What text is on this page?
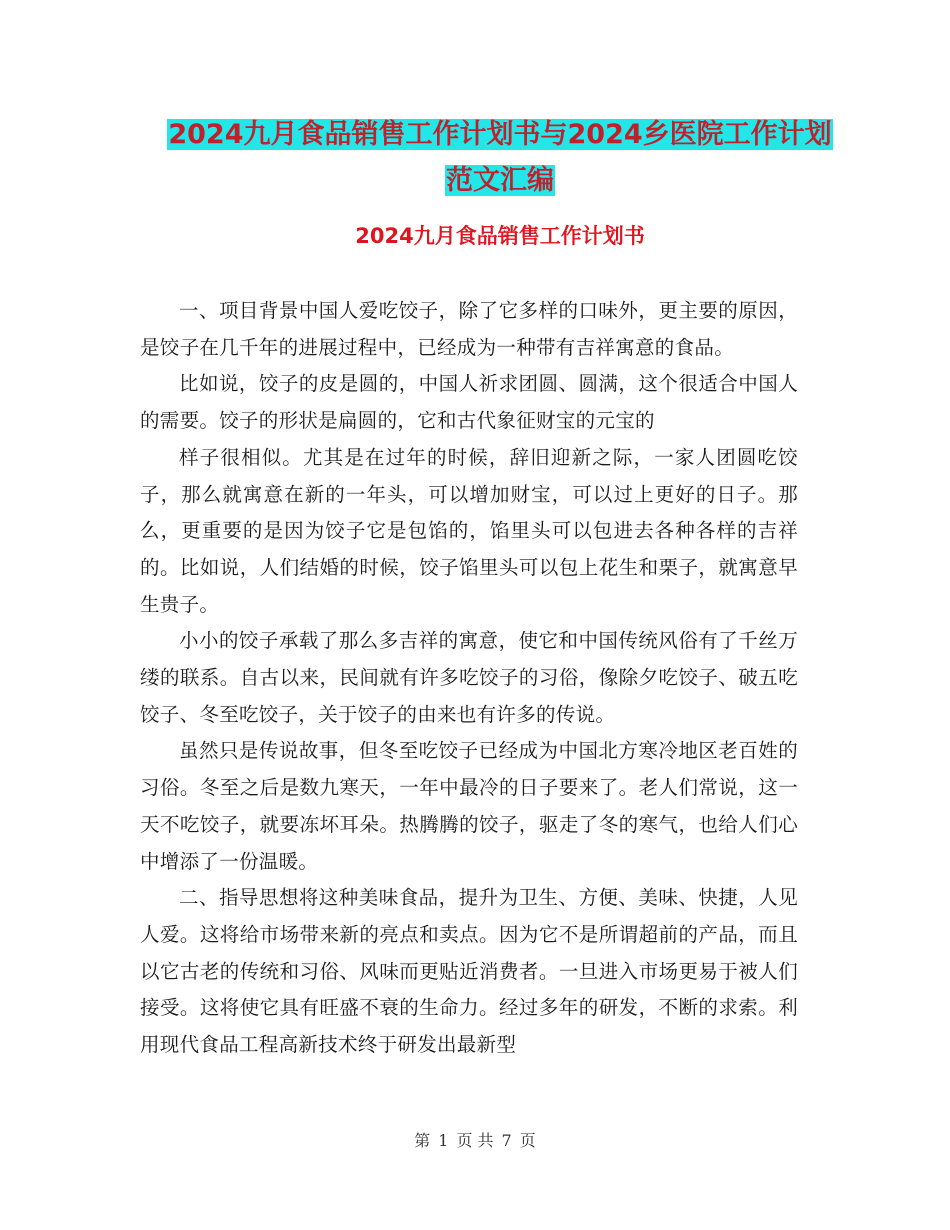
2024九月食品销售工作计划书与2024乡医院工作计划
范文汇编
2024九月食品销售工作计划书

一、项目背景中国人爱吃饺子，除了它多样的口味外，更主要的原因，是饺子在几千年的进展过程中，已经成为一种带有吉祥寓意的食品。

比如说，饺子的皮是圆的，中国人祈求团圆、圆满，这个很适合中国人的需要。饺子的形状是扁圆的，它和古代象征财宝的元宝的

样子很相似。尤其是在过年的时候，辞旧迎新之际，一家人团圆吃饺子，那么就寓意在新的一年头，可以增加财宝，可以过上更好的日子。那么，更重要的是因为饺子它是包馅的，馅里头可以包进去各种各样的吉祥的。比如说，人们结婚的时候，饺子馅里头可以包上花生和栗子，就寓意早生贵子。

小小的饺子承载了那么多吉祥的寓意，使它和中国传统风俗有了千丝万缕的联系。自古以来，民间就有许多吃饺子的习俗，像除夕吃饺子、破五吃饺子、冬至吃饺子，关于饺子的由来也有许多的传说。

虽然只是传说故事，但冬至吃饺子已经成为中国北方寒冷地区老百姓的习俗。冬至之后是数九寒天，一年中最冷的日子要来了。老人们常说，这一天不吃饺子，就要冻坏耳朵。热腾腾的饺子，驱走了冬的寒气，也给人们心中增添了一份温暖。

二、指导思想将这种美味食品，提升为卫生、方便、美味、快捷，人见人爱。这将给市场带来新的亮点和卖点。因为它不是所谓超前的产品，而且以它古老的传统和习俗、风味而更贴近消费者。一旦进入市场更易于被人们接受。这将使它具有旺盛不衰的生命力。经过多年的研发，不断的求索。利用现代食品工程高新技术终于研发出最新型

第 1 页 共 7 页
